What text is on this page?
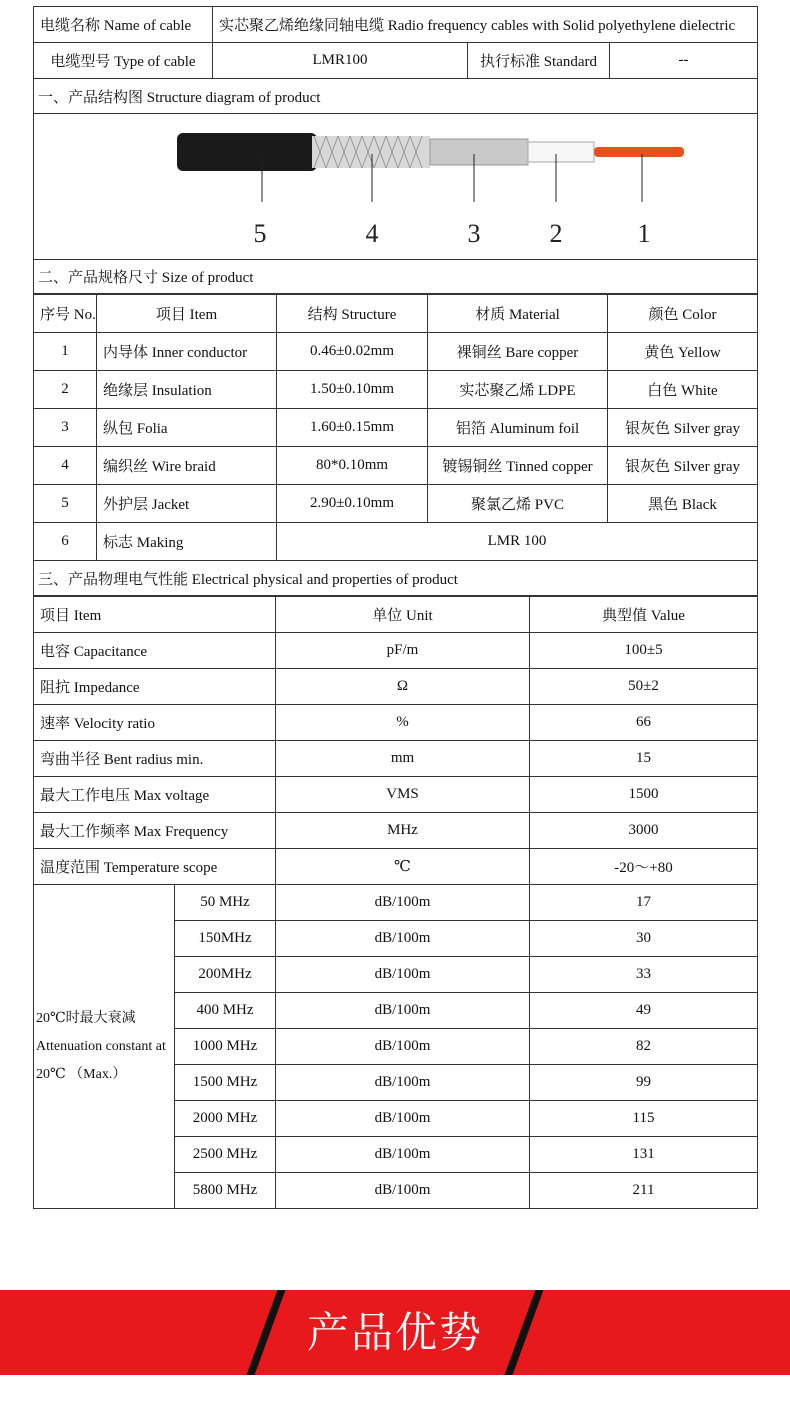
电缆名称 Name of cable	实芯聚乙烯绝缘同轴电缆 Radio frequency cables with Solid polyethylene dielectric		
电缆型号 Type of cable	LMR100	执行标准 Standard	--
一、产品结构图 Structure diagram of product			

5 4 3 2 1			

二、产品规格尺寸 Size of product			
序号 No.	项目 Item	结构 Structure	材质 Material	颜色 Color
1	内导体 Inner conductor	0.46±0.02mm	裸铜丝 Bare copper	黄色 Yellow
2	绝缘层 Insulation	1.50±0.10mm	实芯聚乙烯 LDPE	白色 White
3	纵包 Folia	1.60±0.15mm	铝箔 Aluminum foil	银灰色 Silver gray
4	编织丝 Wire braid	80*0.10mm	镀锡铜丝 Tinned copper	银灰色 Silver gray
5	外护层 Jacket	2.90±0.10mm	聚氯乙烯 PVC	黑色 Black
6	标志 Making	LMR 100		
三、产品物理电气性能 Electrical physical and properties of product				
项目 Item		单位 Unit	典型值 Value
电容 Capacitance		pF/m	100±5
阻抗 Impedance		Ω	50±2
速率 Velocity ratio		%	66
弯曲半径 Bent radius min.		mm	15
最大工作电压 Max voltage		VMS	1500
最大工作频率 Max Frequency		MHz	3000
温度范围 Temperature scope		℃	-20～+80

20℃时最大衰减
Attenuation constant at
20℃ （Max.）	50 MHz	dB/100m	17
	150MHz	dB/100m	30
	200MHz	dB/100m	33
	400 MHz	dB/100m	49
	1000 MHz	dB/100m	82
	1500 MHz	dB/100m	99
	2000 MHz	dB/100m	115
	2500 MHz	dB/100m	131
	5800 MHz	dB/100m	211
产品优势
